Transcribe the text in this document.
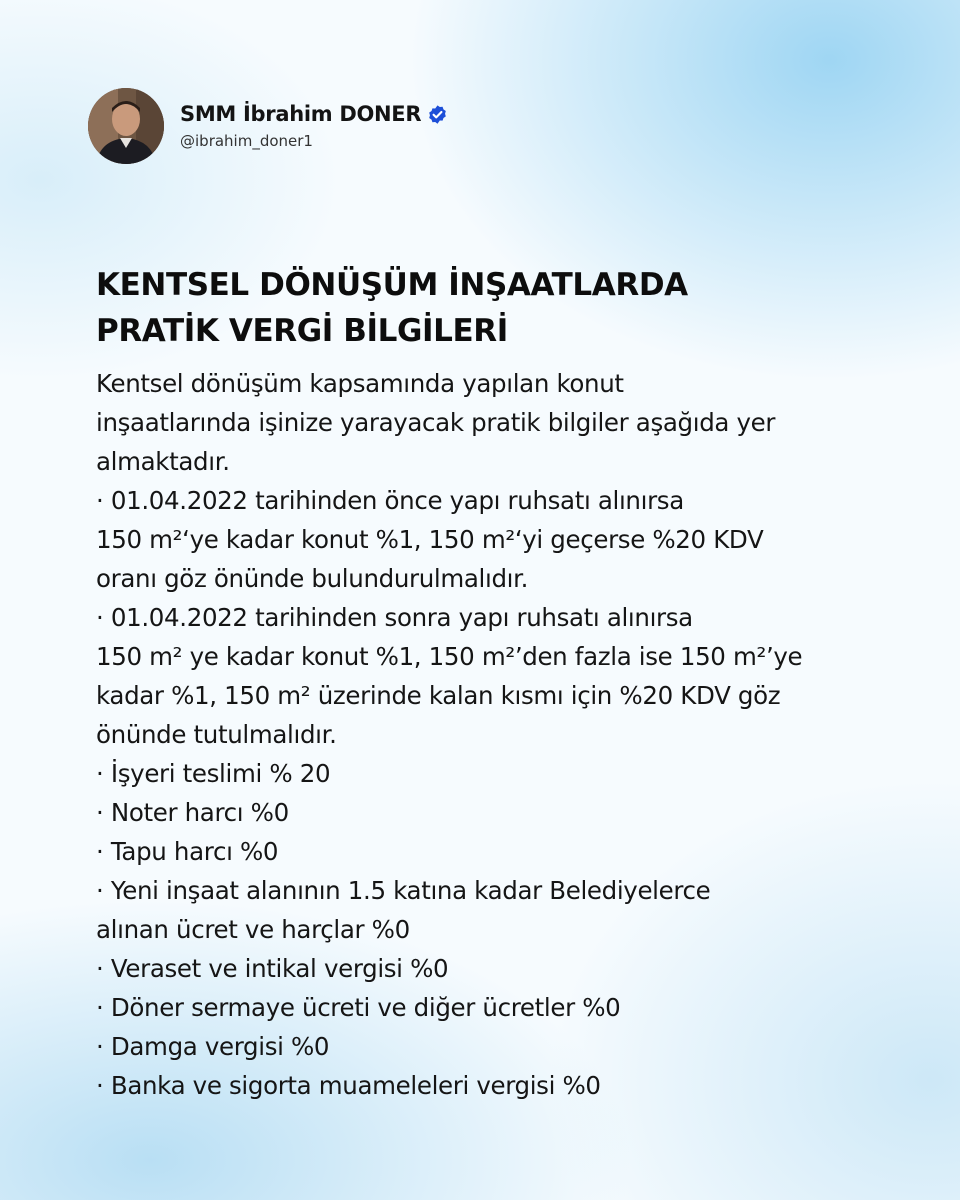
SMM İbrahim DONER
@ibrahim_doner1
KENTSEL DÖNÜŞÜM İNŞAATLARDA
PRATİK VERGİ BİLGİLERİ
Kentsel dönüşüm kapsamında yapılan konut
inşaatlarında işinize yarayacak pratik bilgiler aşağıda yer
almaktadır.
· 01.04.2022 tarihinden önce yapı ruhsatı alınırsa
150 m²‘ye kadar konut %1, 150 m²‘yi geçerse %20 KDV
oranı göz önünde bulundurulmalıdır.
· 01.04.2022 tarihinden sonra yapı ruhsatı alınırsa
150 m² ye kadar konut %1, 150 m²’den fazla ise 150 m²’ye
kadar %1, 150 m² üzerinde kalan kısmı için %20 KDV göz
önünde tutulmalıdır.
· İşyeri teslimi % 20
· Noter harcı %0
· Tapu harcı %0
· Yeni inşaat alanının 1.5 katına kadar Belediyelerce
alınan ücret ve harçlar %0
· Veraset ve intikal vergisi %0
· Döner sermaye ücreti ve diğer ücretler %0
· Damga vergisi %0
· Banka ve sigorta muameleleri vergisi %0
